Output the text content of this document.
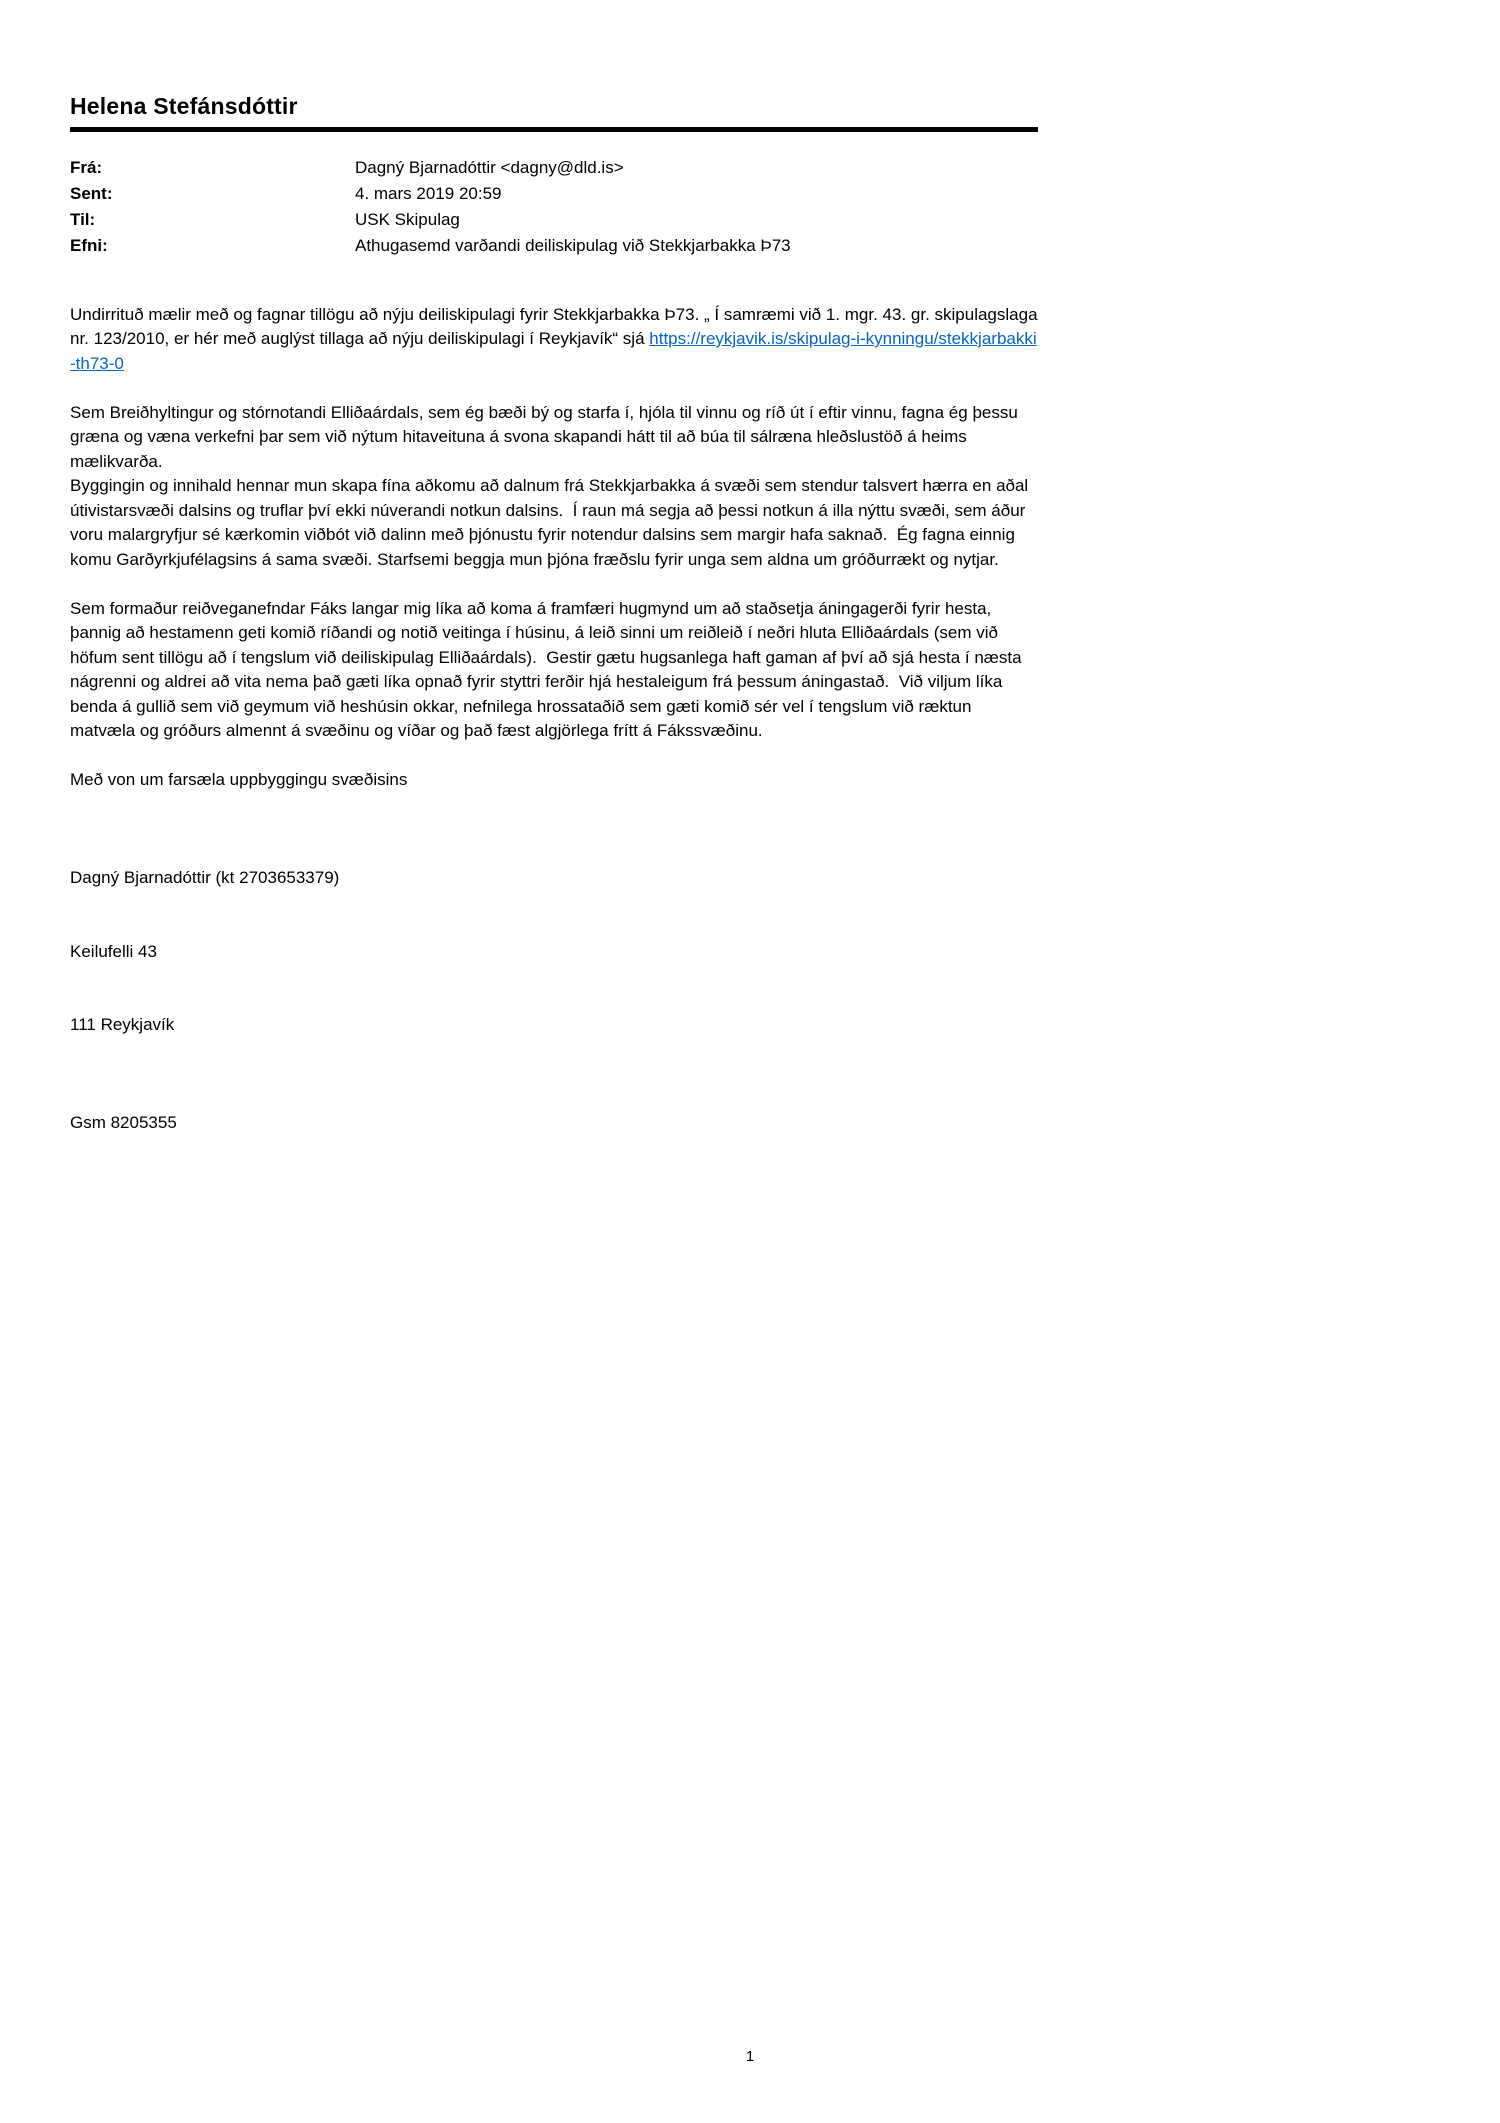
Helena Stefánsdóttir
Frá:	Dagný Bjarnadóttir <dagny@dld.is>
Sent:	4. mars 2019 20:59
Til:	USK Skipulag
Efni:	Athugasemd varðandi deiliskipulag við Stekkjarbakka Þ73

Undirrituð mælir með og fagnar tillögu að nýju deiliskipulagi fyrir Stekkjarbakka Þ73. „ Í samræmi við 1. mgr. 43. gr. skipulagslaga nr. 123/2010, er hér með auglýst tillaga að nýju deiliskipulagi í Reykjavík“ sjá https://reykjavik.is/skipulag-i-kynningu/stekkjarbakki-th73-0

Sem Breiðhyltingur og stórnotandi Elliðaárdals, sem ég bæði bý og starfa í, hjóla til vinnu og ríð út í eftir vinnu, fagna ég þessu græna og væna verkefni þar sem við nýtum hitaveituna á svona skapandi hátt til að búa til sálræna hleðslustöð á heims mælikvarða.

Byggingin og innihald hennar mun skapa fína aðkomu að dalnum frá Stekkjarbakka á svæði sem stendur talsvert hærra en aðal útivistarsvæði dalsins og truflar því ekki núverandi notkun dalsins.  Í raun má segja að þessi notkun á illa nýttu svæði, sem áður voru malargryfjur sé kærkomin viðbót við dalinn með þjónustu fyrir notendur dalsins sem margir hafa saknað.  Ég fagna einnig komu Garðyrkjufélagsins á sama svæði. Starfsemi beggja mun þjóna fræðslu fyrir unga sem aldna um gróðurrækt og nytjar.

Sem formaður reiðveganefndar Fáks langar mig líka að koma á framfæri hugmynd um að staðsetja áningagerði fyrir hesta, þannig að hestamenn geti komið ríðandi og notið veitinga í húsinu, á leið sinni um reiðleið í neðri hluta Elliðaárdals (sem við höfum sent tillögu að í tengslum við deiliskipulag Elliðaárdals).  Gestir gætu hugsanlega haft gaman af því að sjá hesta í næsta nágrenni og aldrei að vita nema það gæti líka opnað fyrir styttri ferðir hjá hestaleigum frá þessum áningastað.  Við viljum líka benda á gullið sem við geymum við heshúsin okkar, nefnilega hrossataðið sem gæti komið sér vel í tengslum við ræktun matvæla og gróðurs almennt á svæðinu og víðar og það fæst algjörlega frítt á Fákssvæðinu.

Með von um farsæla uppbyggingu svæðisins

Dagný Bjarnadóttir (kt 2703653379)

Keilufelli 43

111 Reykjavík

Gsm 8205355

1
